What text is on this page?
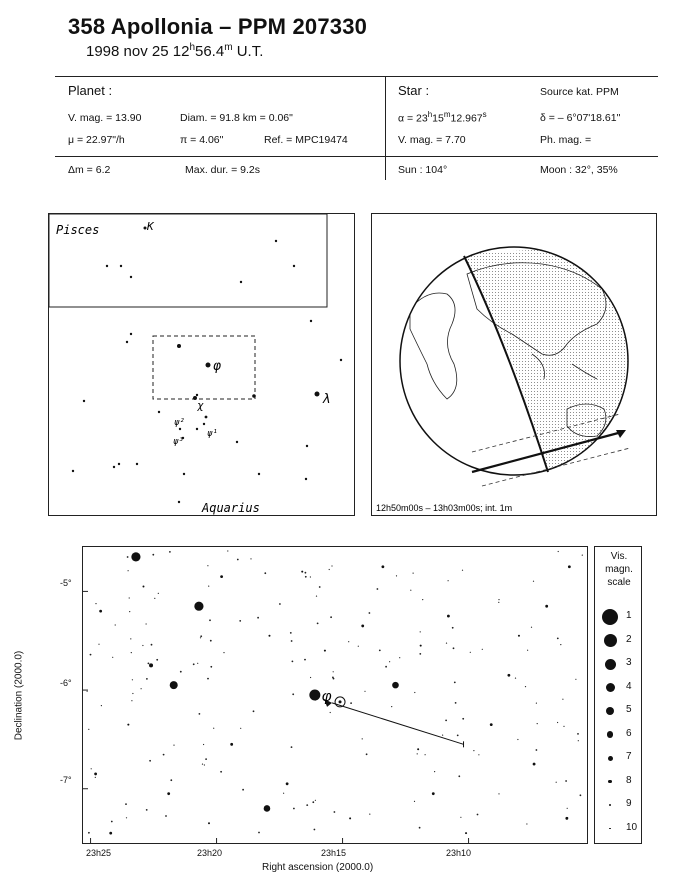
358 Apollonia – PPM 207330
1998 nov 25 12$^h$56.4$^m$ U.T.
Planet :
V. mag. = 13.90	Diam. = 91.8 km = 0.06"
μ = 22.97"/h	π = 4.06"	Ref. = MPC19474
Star :	Source kat. PPM
$\alpha = 23^h15^m12.967^s$	δ = – 6°07'18.61"
V. mag. = 7.70	Ph. mag. =
Δm = 6.2	Max. dur. = 9.2s	Sun : 104°	Moon : 32°, 35%
Pisces	K
φ
χ	λ
ψ²
ψ¹
ψ³
Aquarius	12h50m00s – 13h03m00s; int. 1m
φ
-5°
-6°
-7°
23h25	23h20	23h15	23h10
Right ascension (2000.0)
Declination (2000.0)
Vis.
magn.
scale
1
2
3
4
5
6
7
8
9
10
